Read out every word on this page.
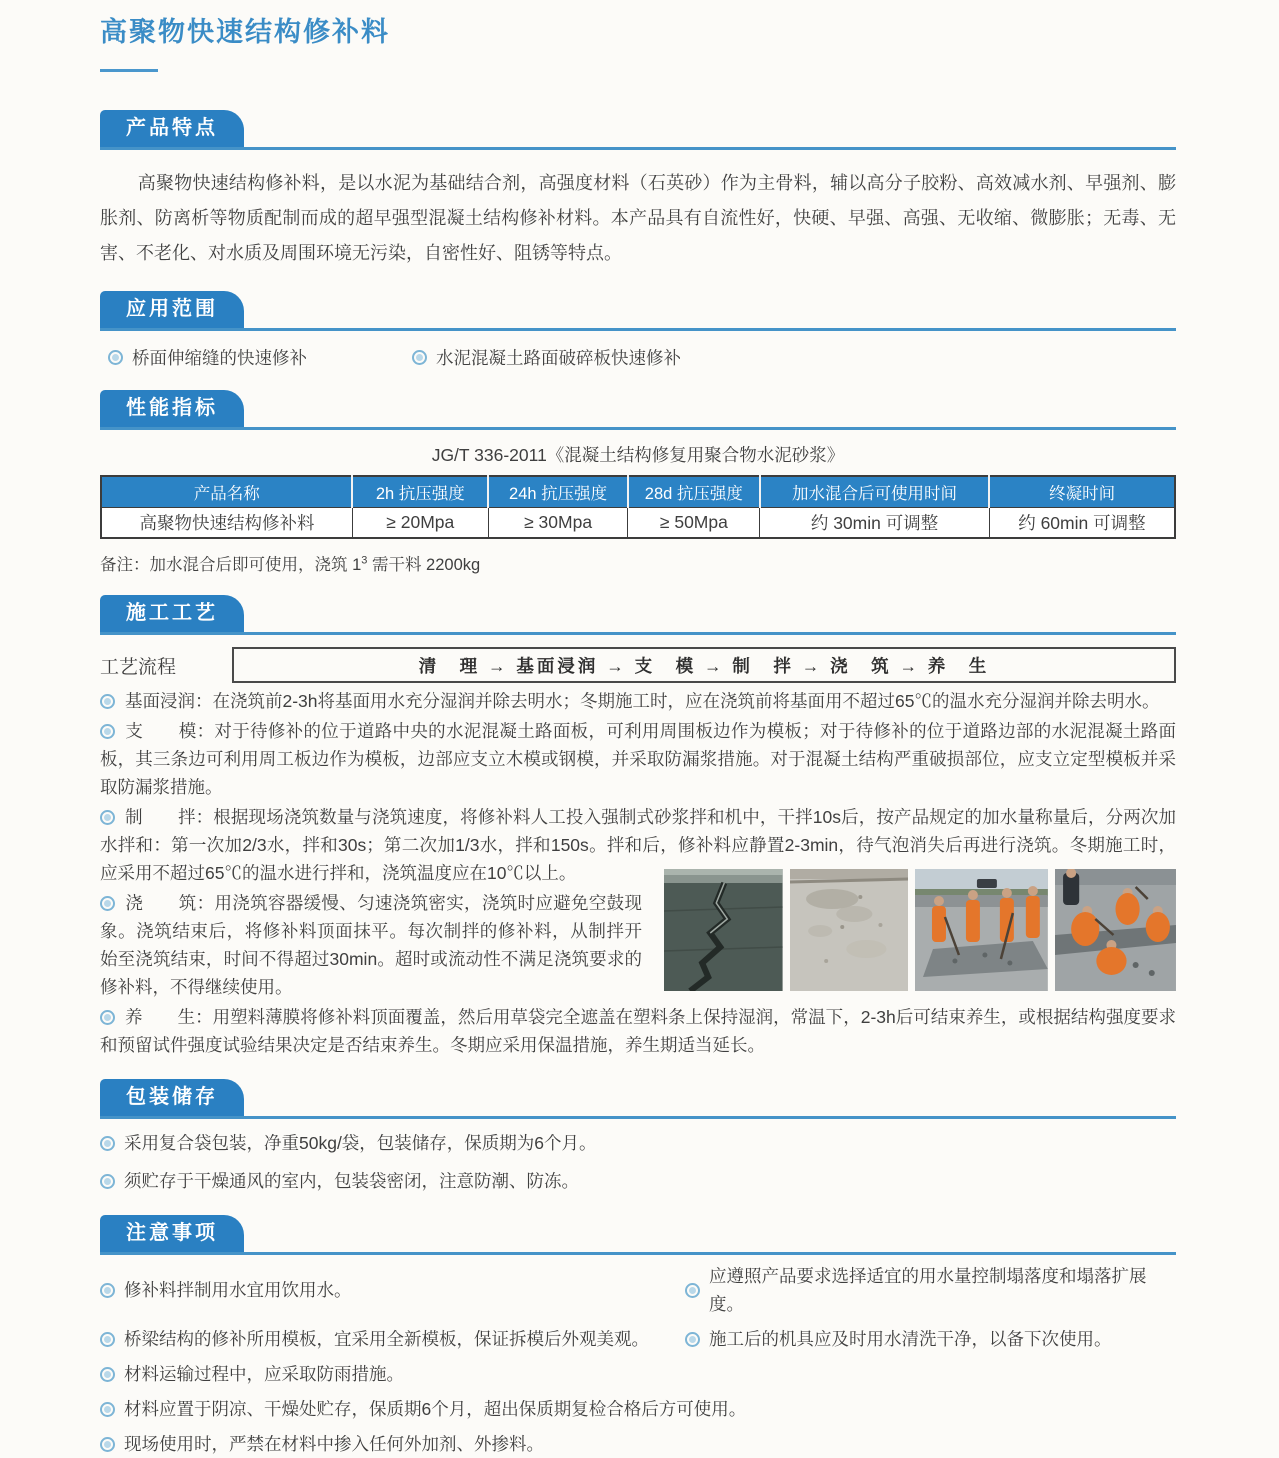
高聚物快速结构修补料
产品特点

高聚物快速结构修补料，是以水泥为基础结合剂，高强度材料（石英砂）作为主骨料，辅以高分子胶粉、高效减水剂、早强剂、膨胀剂、防离析等物质配制而成的超早强型混凝土结构修补材料。本产品具有自流性好，快硬、早强、高强、无收缩、微膨胀；无毒、无害、不老化、对水质及周围环境无污染，自密性好、阻锈等特点。

应用范围
桥面伸缩缝的快速修补	水泥混凝土路面破碎板快速修补
性能指标
JG/T 336-2011《混凝土结构修复用聚合物水泥砂浆》
产品名称	2h 抗压强度	24h 抗压强度	28d 抗压强度	加水混合后可使用时间	终凝时间
高聚物快速结构修补料	≥ 20Mpa	≥ 30Mpa	≥ 50Mpa	约 30min 可调整	约 60min 可调整

备注：加水混合后即可使用，浇筑 $1^3$ 需干料 2200kg

施工工艺
工艺流程	清　理 → 基面浸润 → 支　模 → 制　拌 → 浇　筑 → 养　生

基面浸润：在浇筑前2-3h将基面用水充分湿润并除去明水；冬期施工时，应在浇筑前将基面用不超过65℃的温水充分湿润并除去明水。

支　　模：对于待修补的位于道路中央的水泥混凝土路面板，可利用周围板边作为模板；对于待修补的位于道路边部的水泥混凝土路面板，其三条边可利用周工板边作为模板，边部应支立木模或钢模，并采取防漏浆措施。对于混凝土结构严重破损部位，应支立定型模板并采取防漏浆措施。

制　　拌：根据现场浇筑数量与浇筑速度，将修补料人工投入强制式砂浆拌和机中，干拌10s后，按产品规定的加水量称量后，分两次加水拌和：第一次加2/3水，拌和30s；第二次加1/3水，拌和150s。拌和后，修补料应静置2-3min，待气泡消失后再进行浇筑。冬期施工时，应采用不超过65℃的温水进行拌和，浇筑温度应在10℃以上。

浇　　筑：用浇筑容器缓慢、匀速浇筑密实，浇筑时应避免空鼓现象。浇筑结束后，将修补料顶面抹平。每次制拌的修补料，从制拌开始至浇筑结束，时间不得超过30min。超时或流动性不满足浇筑要求的修补料，不得继续使用。

养　　生：用塑料薄膜将修补料顶面覆盖，然后用草袋完全遮盖在塑料条上保持湿润，常温下，2-3h后可结束养生，或根据结构强度要求和预留试件强度试验结果决定是否结束养生。冬期应采用保温措施，养生期适当延长。

包装储存
采用复合袋包装，净重50kg/袋，包装储存，保质期为6个月。
须贮存于干燥通风的室内，包装袋密闭，注意防潮、防冻。
注意事项
修补料拌制用水宜用饮用水。
应遵照产品要求选择适宜的用水量控制塌落度和塌落扩展度。
桥梁结构的修补所用模板，宜采用全新模板，保证拆模后外观美观。	施工后的机具应及时用水清洗干净，以备下次使用。
材料运输过程中，应采取防雨措施。
材料应置于阴凉、干燥处贮存，保质期6个月，超出保质期复检合格后方可使用。
现场使用时，严禁在材料中掺入任何外加剂、外掺料。
